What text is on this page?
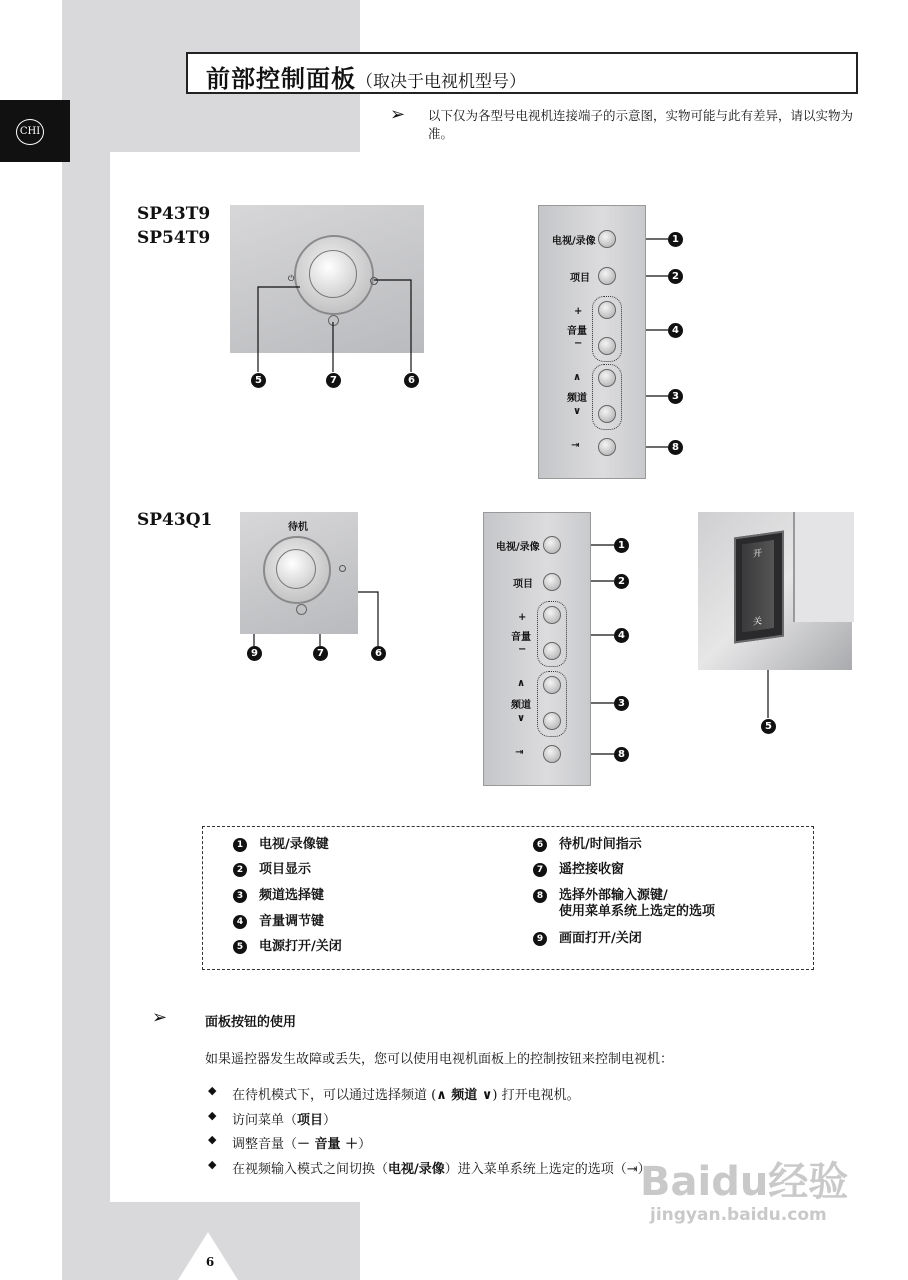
CHI
前部控制面板（取决于电视机型号）
➢ 以下仅为各型号电视机连接端子的示意图，实物可能与此有差异，请以实物为准。
SP43T9
SP54T9
⏻
5	7	6
电视/录像
项目
+
音量
−
∧
频道
∨
⇥
1
2
4
3
8
SP43Q1	待机
9	7	6
电视/录像
项目
+
音量
−
∧
频道
∨
⇥
1
2
4
3
8
开
关
5
1 电视/录像键
2 项目显示
3 频道选择键
4 音量调节键
5 电源打开/关闭
6 待机/时间指示
7 遥控接收窗
8 选择外部输入源键/
使用菜单系统上选定的选项
9 画面打开/关闭
➢	面板按钮的使用
如果遥控器发生故障或丢失，您可以使用电视机面板上的控制按钮来控制电视机：
◆ 在待机模式下，可以通过选择频道 (∧ 频道 ∨) 打开电视机。
◆ 访问菜单（项目）
◆ 调整音量（－ 音量 ＋）
◆ 在视频输入模式之间切换（电视/录像）进入菜单系统上选定的选项（⇥）
Baidu经验
jingyan.baidu.com
6
